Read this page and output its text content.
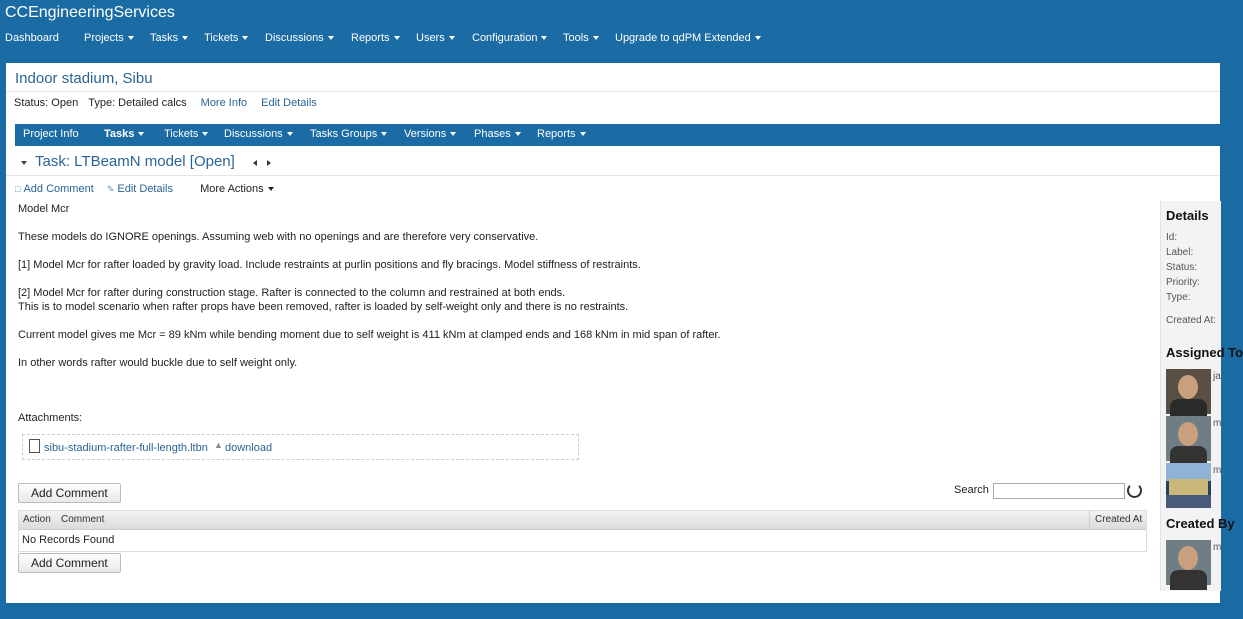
CCEngineeringServices
Dashboard Projects	Tasks	Tickets	Discussions	Reports	Users	Configuration	Tools	Upgrade to qdPM Extended
Indoor stadium, Sibu
Status: Open Type: Detailed calcs More Info Edit Details
Project Info Tasks	Tickets	Discussions	Tasks Groups	Versions	Phases	Reports
Task: LTBeamN model [Open]
□ Add Comment ✎ Edit Details More Actions

Model Mcr

These models do IGNORE openings. Assuming web with no openings and are therefore very conservative.

[1] Model Mcr for rafter loaded by gravity load. Include restraints at purlin positions and fly bracings. Model stiffness of restraints.

[2] Model Mcr for rafter during construction stage. Rafter is connected to the column and restrained at both ends.

This is to model scenario when rafter props have been removed, rafter is loaded by self-weight only and there is no restraints.

Current model gives me Mcr = 89 kNm while bending moment due to self weight is 411 kNm at clamped ends and 168 kNm in mid span of rafter.

In other words rafter would buckle due to self weight only.

Attachments:
sibu-stadium-rafter-full-length.ltbn ▲ download
Add Comment	Search
Action Comment	Created At
No Records Found
Add Comment
Details
Id:
Label:
Status:
Priority:
Type:
Created At:
Assigned To
ja
m
m
Created By
m
